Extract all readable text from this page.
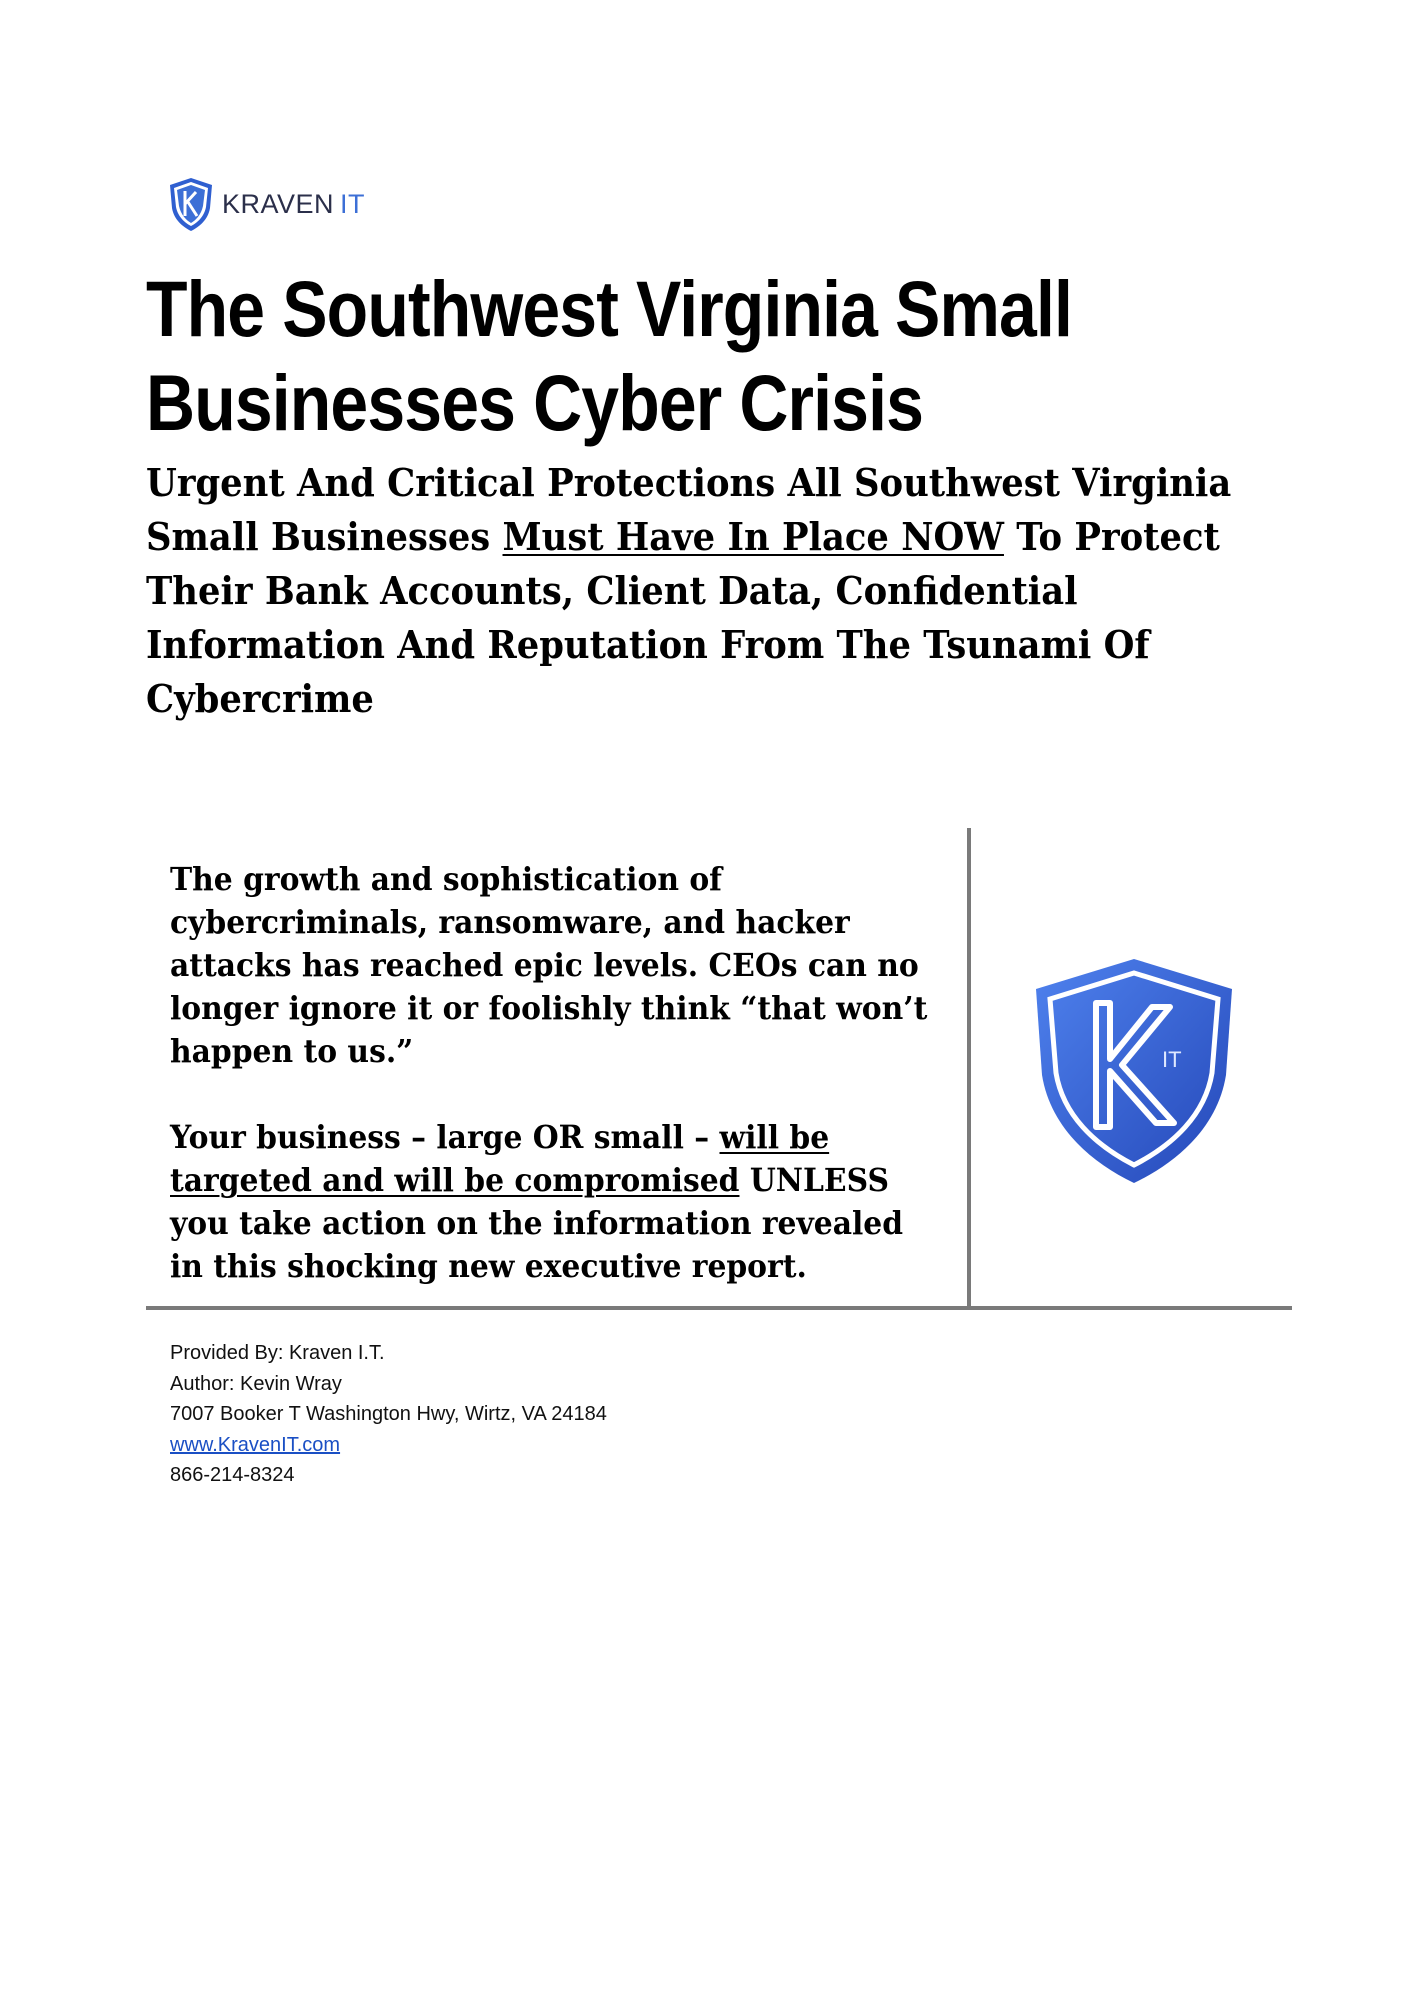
KRAVEN IT
The Southwest Virginia Small
Businesses Cyber Crisis
Urgent And Critical Protections All Southwest Virginia
Small Businesses Must Have In Place NOW To Protect
Their Bank Accounts, Client Data, Confidential
Information And Reputation From The Tsunami Of
Cybercrime
The growth and sophistication of
cybercriminals, ransomware, and hacker
attacks has reached epic levels. CEOs can no
longer ignore it or foolishly think “that won’t
happen to us.”
Your business – large OR small – will be
targeted and will be compromised UNLESS
you take action on the information revealed
in this shocking new executive report.
IT
Provided By: Kraven I.T.
Author: Kevin Wray
7007 Booker T Washington Hwy, Wirtz, VA 24184
www.KravenIT.com
866-214-8324
